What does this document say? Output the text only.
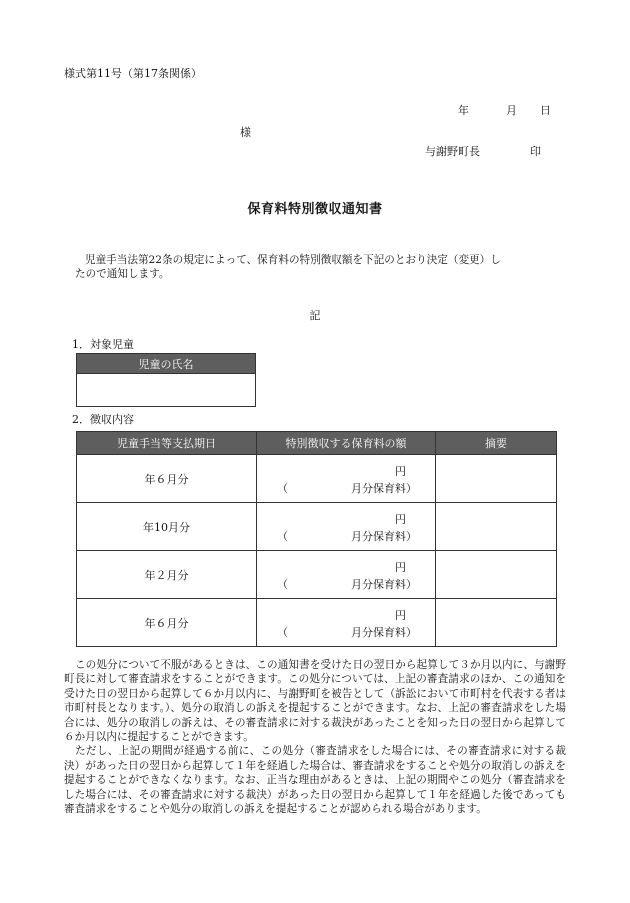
様式第11号（第17条関係）
年	月 日
様
与謝野町長	印
保育料特別徴収通知書
児童手当法第22条の規定によって、保育料の特別徴収額を下記のとおり決定（変更）し
たので通知します。
記
1．対象児童
児童の氏名

2．徴収内容
児童手当等支払期日	特別徴収する保育料の額	摘要
年６月分	円
（ 月分保育料）	

年10月分	円
（ 月分保育料）	

年２月分	円
（ 月分保育料）	

年６月分	円
（ 月分保育料）	

この処分について不服があるときは、この通知書を受けた日の翌日から起算して３か月以内に、与謝野町長に対して審査請求をすることができます。この処分については、上記の審査請求のほか、この通知を受けた日の翌日から起算して６か月以内に、与謝野町を被告として（訴訟において市町村を代表する者は市町村長となります。）、処分の取消しの訴えを提起することができます。なお、上記の審査請求をした場合には、処分の取消しの訴えは、その審査請求に対する裁決があったことを知った日の翌日から起算して６か月以内に提起することができます。
ただし、上記の期間が経過する前に、この処分（審査請求をした場合には、その審査請求に対する裁決）があった日の翌日から起算して１年を経過した場合は、審査請求をすることや処分の取消しの訴えを提起することができなくなります。なお、正当な理由があるときは、上記の期間やこの処分（審査請求をした場合には、その審査請求に対する裁決）があった日の翌日から起算して１年を経過した後であっても審査請求をすることや処分の取消しの訴えを提起することが認められる場合があります。
